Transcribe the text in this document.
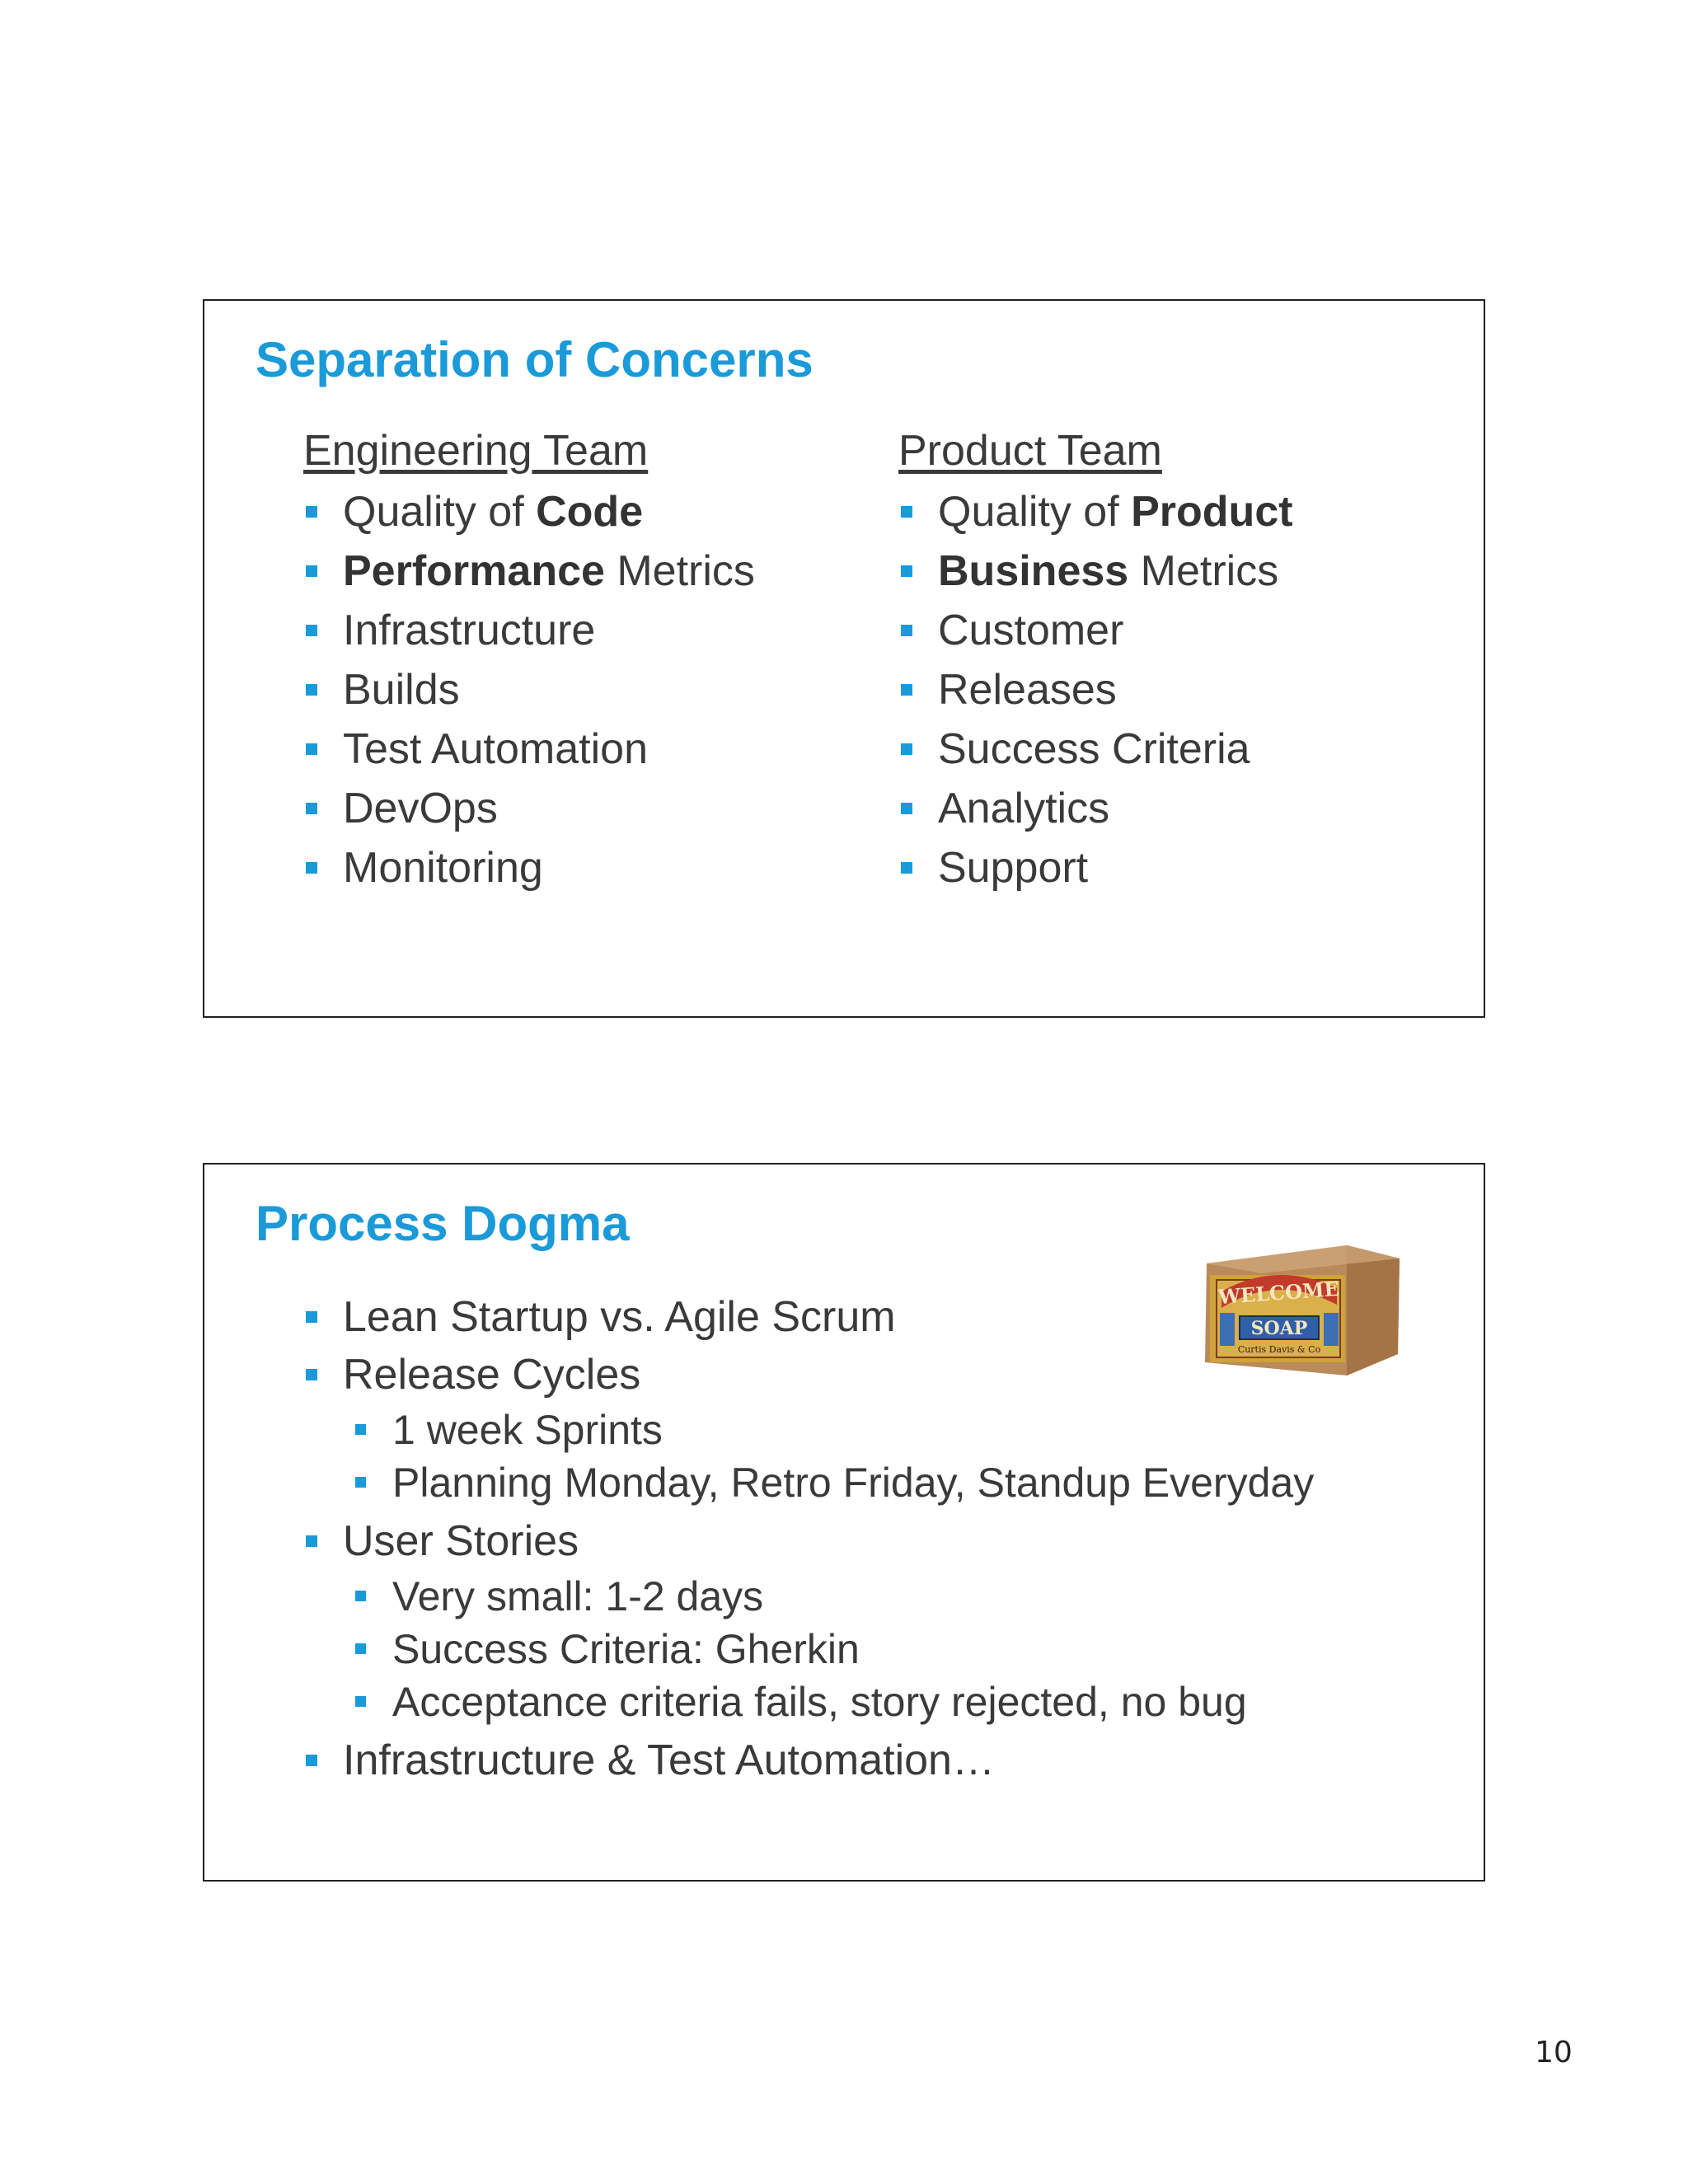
Separation of Concerns
Engineering Team
Quality of Code
Performance Metrics
Infrastructure
Builds
Test Automation
DevOps
Monitoring
Product Team
Quality of Product
Business Metrics
Customer
Releases
Success Criteria
Analytics
Support
Process Dogma
WELCOME
SOAP
Curtis Davis & Co
Lean Startup vs. Agile Scrum
Release Cycles
1 week Sprints
Planning Monday, Retro Friday, Standup Everyday
User Stories
Very small: 1-2 days
Success Criteria: Gherkin
Acceptance criteria fails, story rejected, no bug
Infrastructure & Test Automation…
10
